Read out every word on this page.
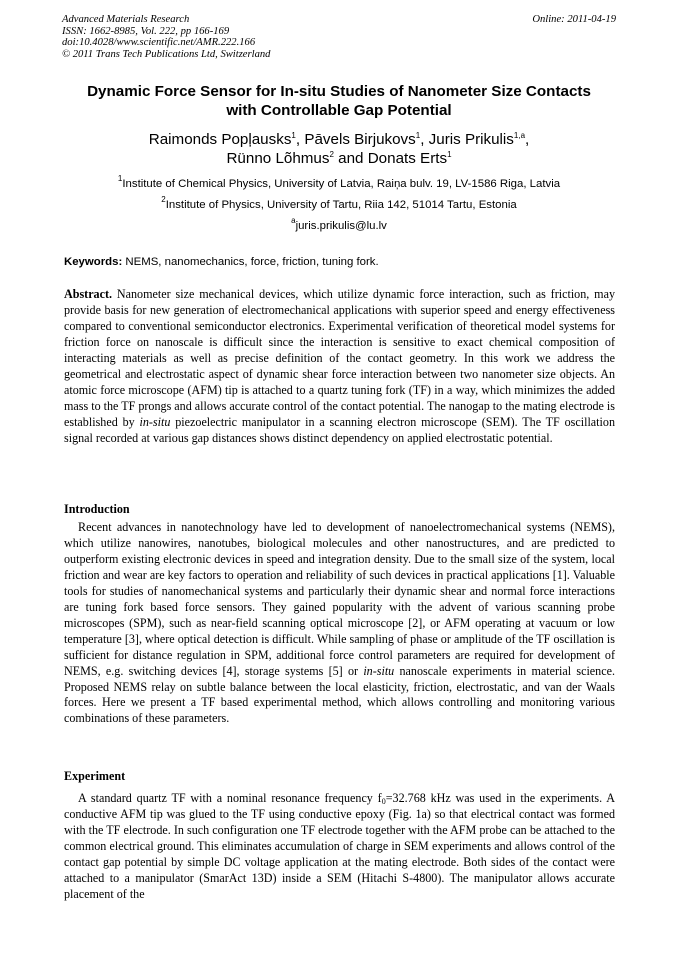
Advanced Materials Research
ISSN: 1662-8985, Vol. 222, pp 166-169
doi:10.4028/www.scientific.net/AMR.222.166
© 2011 Trans Tech Publications Ltd, Switzerland
Online: 2011-04-19
Dynamic Force Sensor for In-situ Studies of Nanometer Size Contacts
with Controllable Gap Potential
Raimonds Popļausks$^1$, Pāvels Birjukovs$^1$, Juris Prikulis$^{1,a}$,
Rünno Lõhmus$^2$ and Donats Erts$^1$
$^1$Institute of Chemical Physics, University of Latvia, Raiņa bulv. 19, LV-1586 Riga, Latvia
$^2$Institute of Physics, University of Tartu, Riia 142, 51014 Tartu, Estonia
$^a$juris.prikulis@lu.lv
Keywords: NEMS, nanomechanics, force, friction, tuning fork.
Abstract. Nanometer size mechanical devices, which utilize dynamic force interaction, such as friction, may provide basis for new generation of electromechanical applications with superior speed and energy effectiveness compared to conventional semiconductor electronics. Experimental verification of theoretical model systems for friction force on nanoscale is difficult since the interaction is sensitive to exact chemical composition of interacting materials as well as precise definition of the contact geometry. In this work we address the geometrical and electrostatic aspect of dynamic shear force interaction between two nanometer size objects. An atomic force microscope (AFM) tip is attached to a quartz tuning fork (TF) in a way, which minimizes the added mass to the TF prongs and allows accurate control of the contact potential. The nanogap to the mating electrode is established by in-situ piezoelectric manipulator in a scanning electron microscope (SEM). The TF oscillation signal recorded at various gap distances shows distinct dependency on applied electrostatic potential.
Introduction
Recent advances in nanotechnology have led to development of nanoelectromechanical systems (NEMS), which utilize nanowires, nanotubes, biological molecules and other nanostructures, and are predicted to outperform existing electronic devices in speed and integration density. Due to the small size of the system, local friction and wear are key factors to operation and reliability of such devices in practical applications [1]. Valuable tools for studies of nanomechanical systems and particularly their dynamic shear and normal force interactions are tuning fork based force sensors. They gained popularity with the advent of various scanning probe microscopes (SPM), such as near-field scanning optical microscope [2], or AFM operating at vacuum or low temperature [3], where optical detection is difficult. While sampling of phase or amplitude of the TF oscillation is sufficient for distance regulation in SPM, additional force control parameters are required for development of NEMS, e.g. switching devices [4], storage systems [5] or in-situ nanoscale experiments in material science. Proposed NEMS relay on subtle balance between the local elasticity, friction, electrostatic, and van der Waals forces. Here we present a TF based experimental method, which allows controlling and monitoring various combinations of these parameters.
Experiment
A standard quartz TF with a nominal resonance frequency $f_0=32.768$ kHz was used in the experiments. A conductive AFM tip was glued to the TF using conductive epoxy (Fig. 1a) so that electrical contact was formed with the TF electrode. In such configuration one TF electrode together with the AFM probe can be attached to the common electrical ground. This eliminates accumulation of charge in SEM experiments and allows control of the contact gap potential by simple DC voltage application at the mating electrode. Both sides of the contact were attached to a manipulator (SmarAct 13D) inside a SEM (Hitachi S-4800). The manipulator allows accurate placement of the
